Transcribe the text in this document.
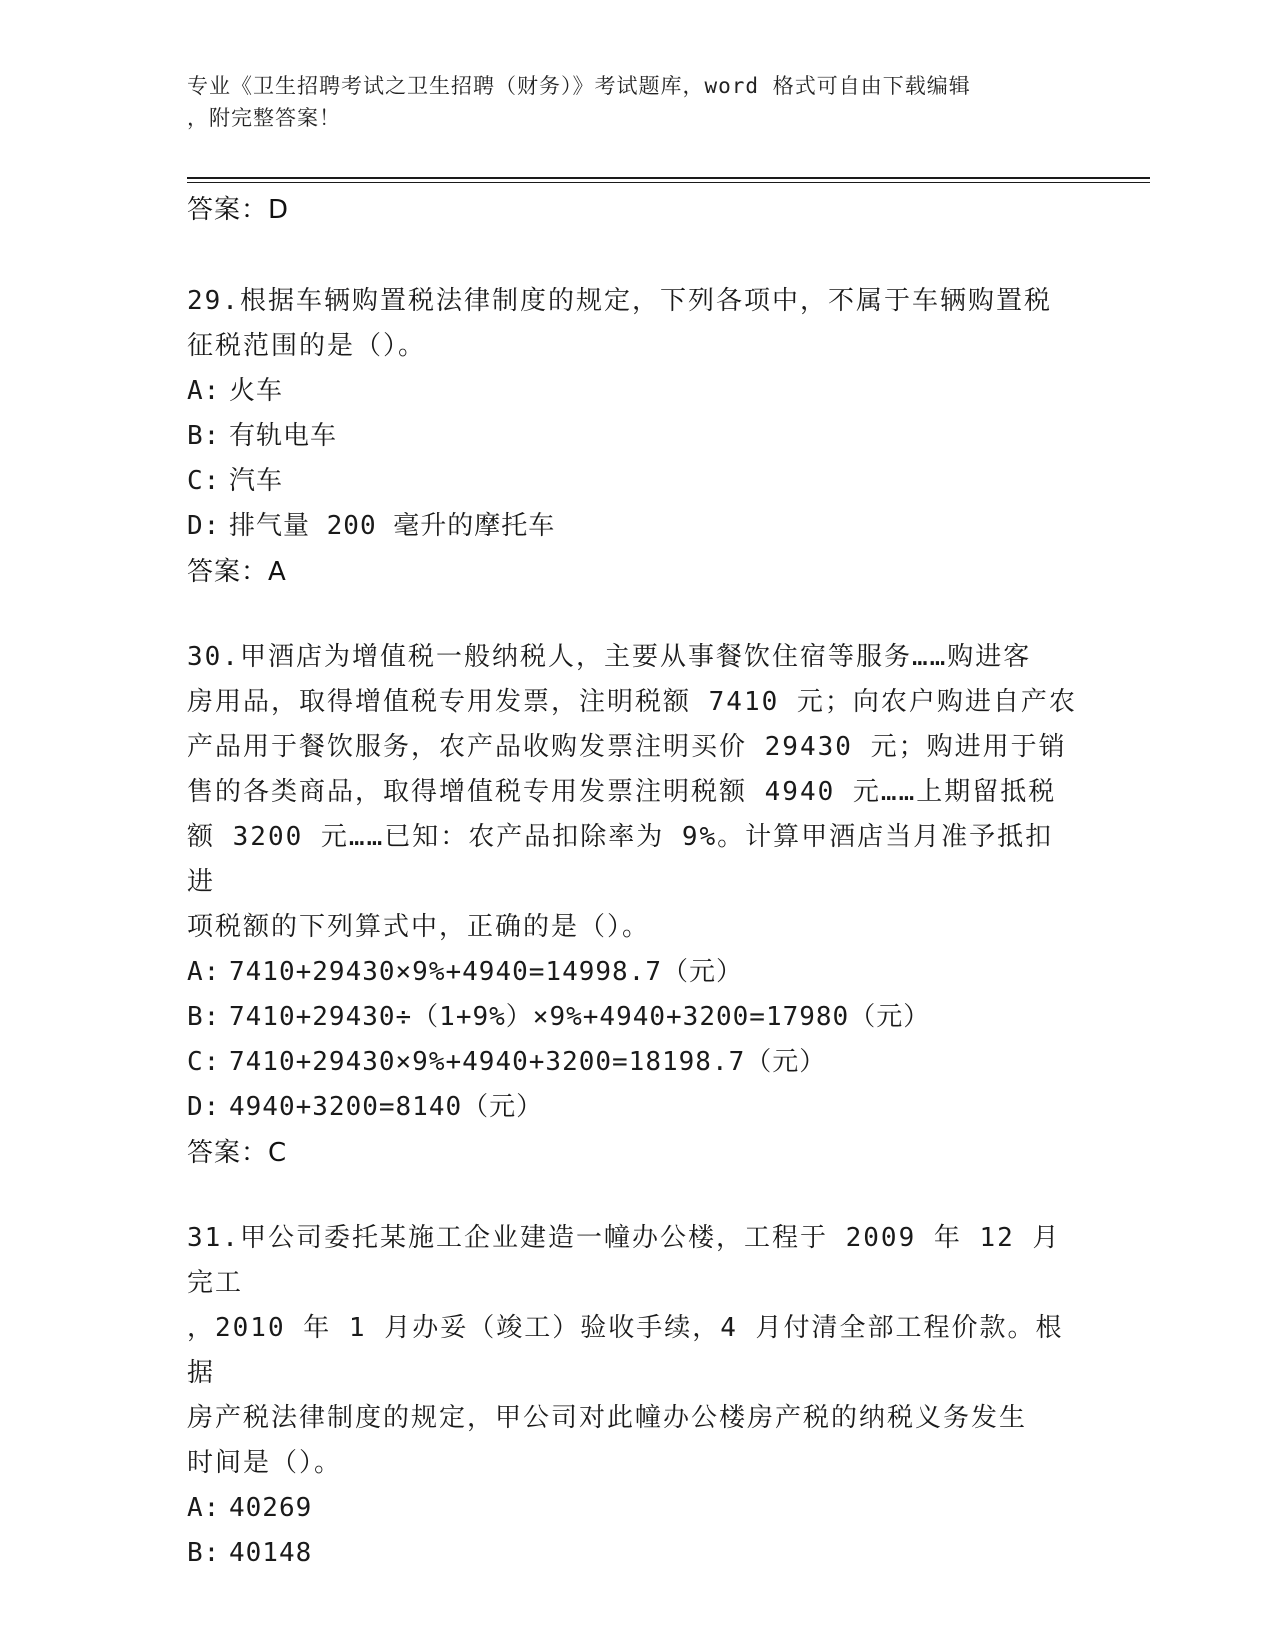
专业《卫生招聘考试之卫生招聘（财务）》考试题库，word 格式可自由下载编辑
，附完整答案！
答案：D
29.根据车辆购置税法律制度的规定，下列各项中，不属于车辆购置税
征税范围的是（）。
A: 火车
B: 有轨电车
C: 汽车
D: 排气量 200 毫升的摩托车
答案：A
30.甲酒店为增值税一般纳税人，主要从事餐饮住宿等服务……购进客
房用品，取得增值税专用发票，注明税额 7410 元；向农户购进自产农
产品用于餐饮服务，农产品收购发票注明买价 29430 元；购进用于销
售的各类商品，取得增值税专用发票注明税额 4940 元……上期留抵税
额 3200 元……已知：农产品扣除率为 9%。计算甲酒店当月准予抵扣进
项税额的下列算式中，正确的是（）。
A: 7410+29430×9%+4940=14998.7（元）
B: 7410+29430÷（1+9%）×9%+4940+3200=17980（元）
C: 7410+29430×9%+4940+3200=18198.7（元）
D: 4940+3200=8140（元）
答案：C
31.甲公司委托某施工企业建造一幢办公楼，工程于 2009 年 12 月完工
，2010 年 1 月办妥（竣工）验收手续，4 月付清全部工程价款。根据
房产税法律制度的规定，甲公司对此幢办公楼房产税的纳税义务发生
时间是（）。
A: 40269
B: 40148
